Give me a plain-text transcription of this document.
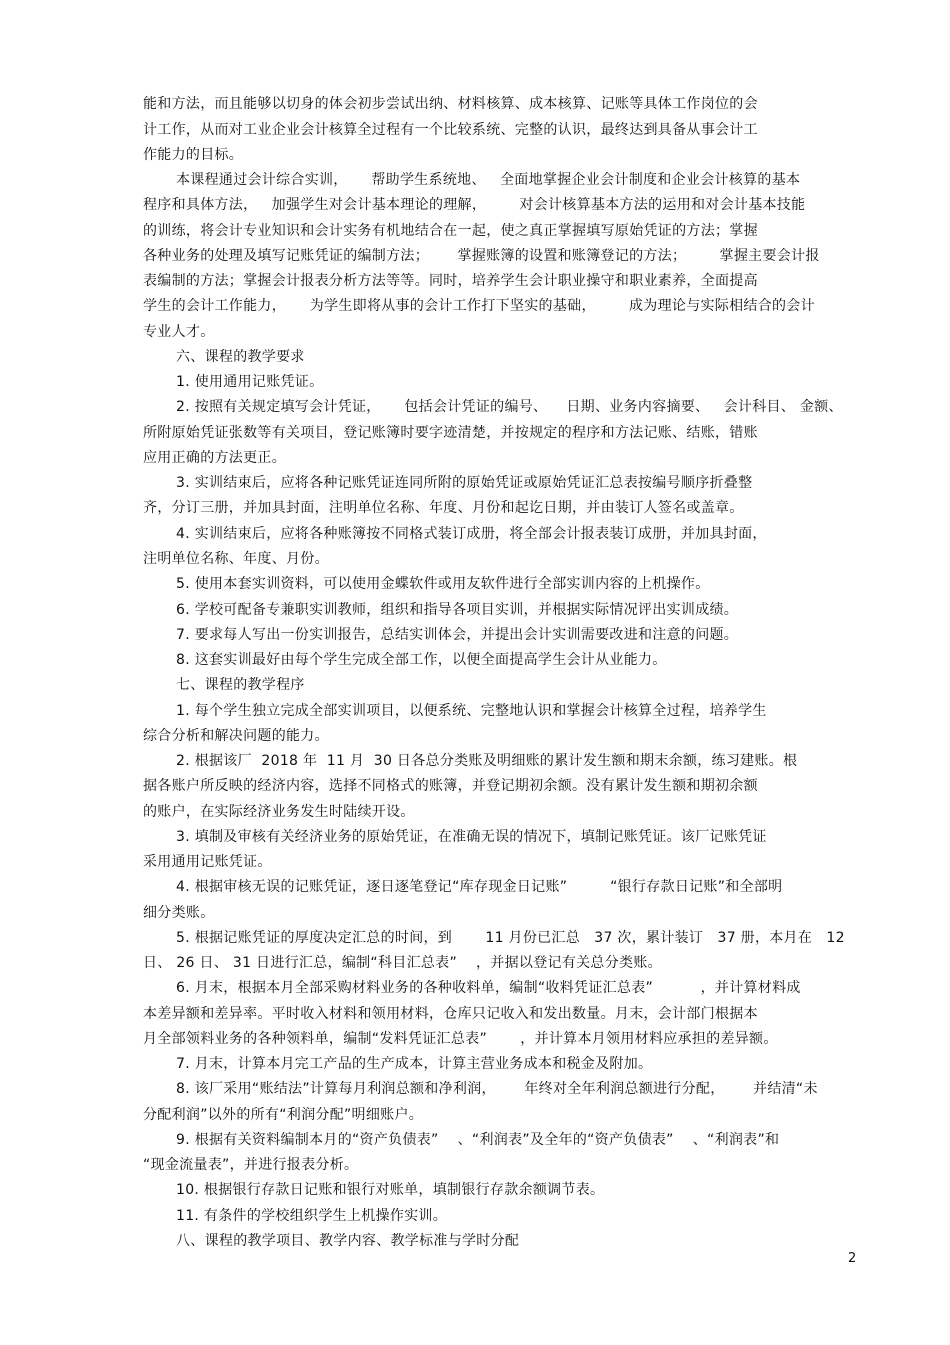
能和方法，而且能够以切身的体会初步尝试出纳、材料核算、成本核算、记账等具体工作岗位的会
计工作，从而对工业企业会计核算全过程有一个比较系统、完整的认识，最终达到具备从事会计工
作能力的目标。
本课程通过会计综合实训，     帮助学生系统地、   全面地掌握企业会计制度和企业会计核算的基本
程序和具体方法，   加强学生对会计基本理论的理解，       对会计核算基本方法的运用和对会计基本技能
的训练，将会计专业知识和会计实务有机地结合在一起，使之真正掌握填写原始凭证的方法；掌握
各种业务的处理及填写记账凭证的编制方法；      掌握账簿的设置和账簿登记的方法；       掌握主要会计报
表编制的方法；掌握会计报表分析方法等等。同时，培养学生会计职业操守和职业素养，全面提高
学生的会计工作能力，     为学生即将从事的会计工作打下坚实的基础，       成为理论与实际相结合的会计
专业人才。
六、课程的教学要求
1. 使用通用记账凭证。
2. 按照有关规定填写会计凭证，     包括会计凭证的编号、    日期、业务内容摘要、   会计科目、 金额、
所附原始凭证张数等有关项目，登记账簿时要字迹清楚，并按规定的程序和方法记账、结账，错账
应用正确的方法更正。
3. 实训结束后，应将各种记账凭证连同所附的原始凭证或原始凭证汇总表按编号顺序折叠整
齐，分订三册，并加具封面，注明单位名称、年度、月份和起讫日期，并由装订人签名或盖章。
4. 实训结束后，应将各种账簿按不同格式装订成册，将全部会计报表装订成册，并加具封面，
注明单位名称、年度、月份。
5. 使用本套实训资料，可以使用金蝶软件或用友软件进行全部实训内容的上机操作。
6. 学校可配备专兼职实训教师，组织和指导各项目实训，并根据实际情况评出实训成绩。
7. 要求每人写出一份实训报告，总结实训体会，并提出会计实训需要改进和注意的问题。
8. 这套实训最好由每个学生完成全部工作，以便全面提高学生会计从业能力。
七、课程的教学程序
1. 每个学生独立完成全部实训项目，以便系统、完整地认识和掌握会计核算全过程，培养学生
综合分析和解决问题的能力。
2. 根据该厂  2018 年  11 月  30 日各总分类账及明细账的累计发生额和期末余额，练习建账。根
据各账户所反映的经济内容，选择不同格式的账簿，并登记期初余额。没有累计发生额和期初余额
的账户，在实际经济业务发生时陆续开设。
3. 填制及审核有关经济业务的原始凭证，在准确无误的情况下，填制记账凭证。该厂记账凭证
采用通用记账凭证。
4. 根据审核无误的记账凭证，逐日逐笔登记“库存现金日记账”         “银行存款日记账”和全部明
细分类账。
5. 根据记账凭证的厚度决定汇总的时间，到       11 月份已汇总   37 次，累计装订   37 册，本月在   12
日、 26 日、 31 日进行汇总，编制“科目汇总表”    ，并据以登记有关总分类账。
6. 月末，根据本月全部采购材料业务的各种收料单，编制“收料凭证汇总表”          ，并计算材料成
本差异额和差异率。平时收入材料和领用材料，仓库只记收入和发出数量。月末，会计部门根据本
月全部领料业务的各种领料单，编制“发料凭证汇总表”       ，并计算本月领用材料应承担的差异额。
7. 月末，计算本月完工产品的生产成本，计算主营业务成本和税金及附加。
8. 该厂采用“账结法”计算每月利润总额和净利润，      年终对全年利润总额进行分配，      并结清“未
分配利润”以外的所有“利润分配”明细账户。
9. 根据有关资料编制本月的“资产负债表”    、“利润表”及全年的“资产负债表”    、“利润表”和
“现金流量表”，并进行报表分析。
10. 根据银行存款日记账和银行对账单，填制银行存款余额调节表。
11. 有条件的学校组织学生上机操作实训。
八、课程的教学项目、教学内容、教学标准与学时分配
2
